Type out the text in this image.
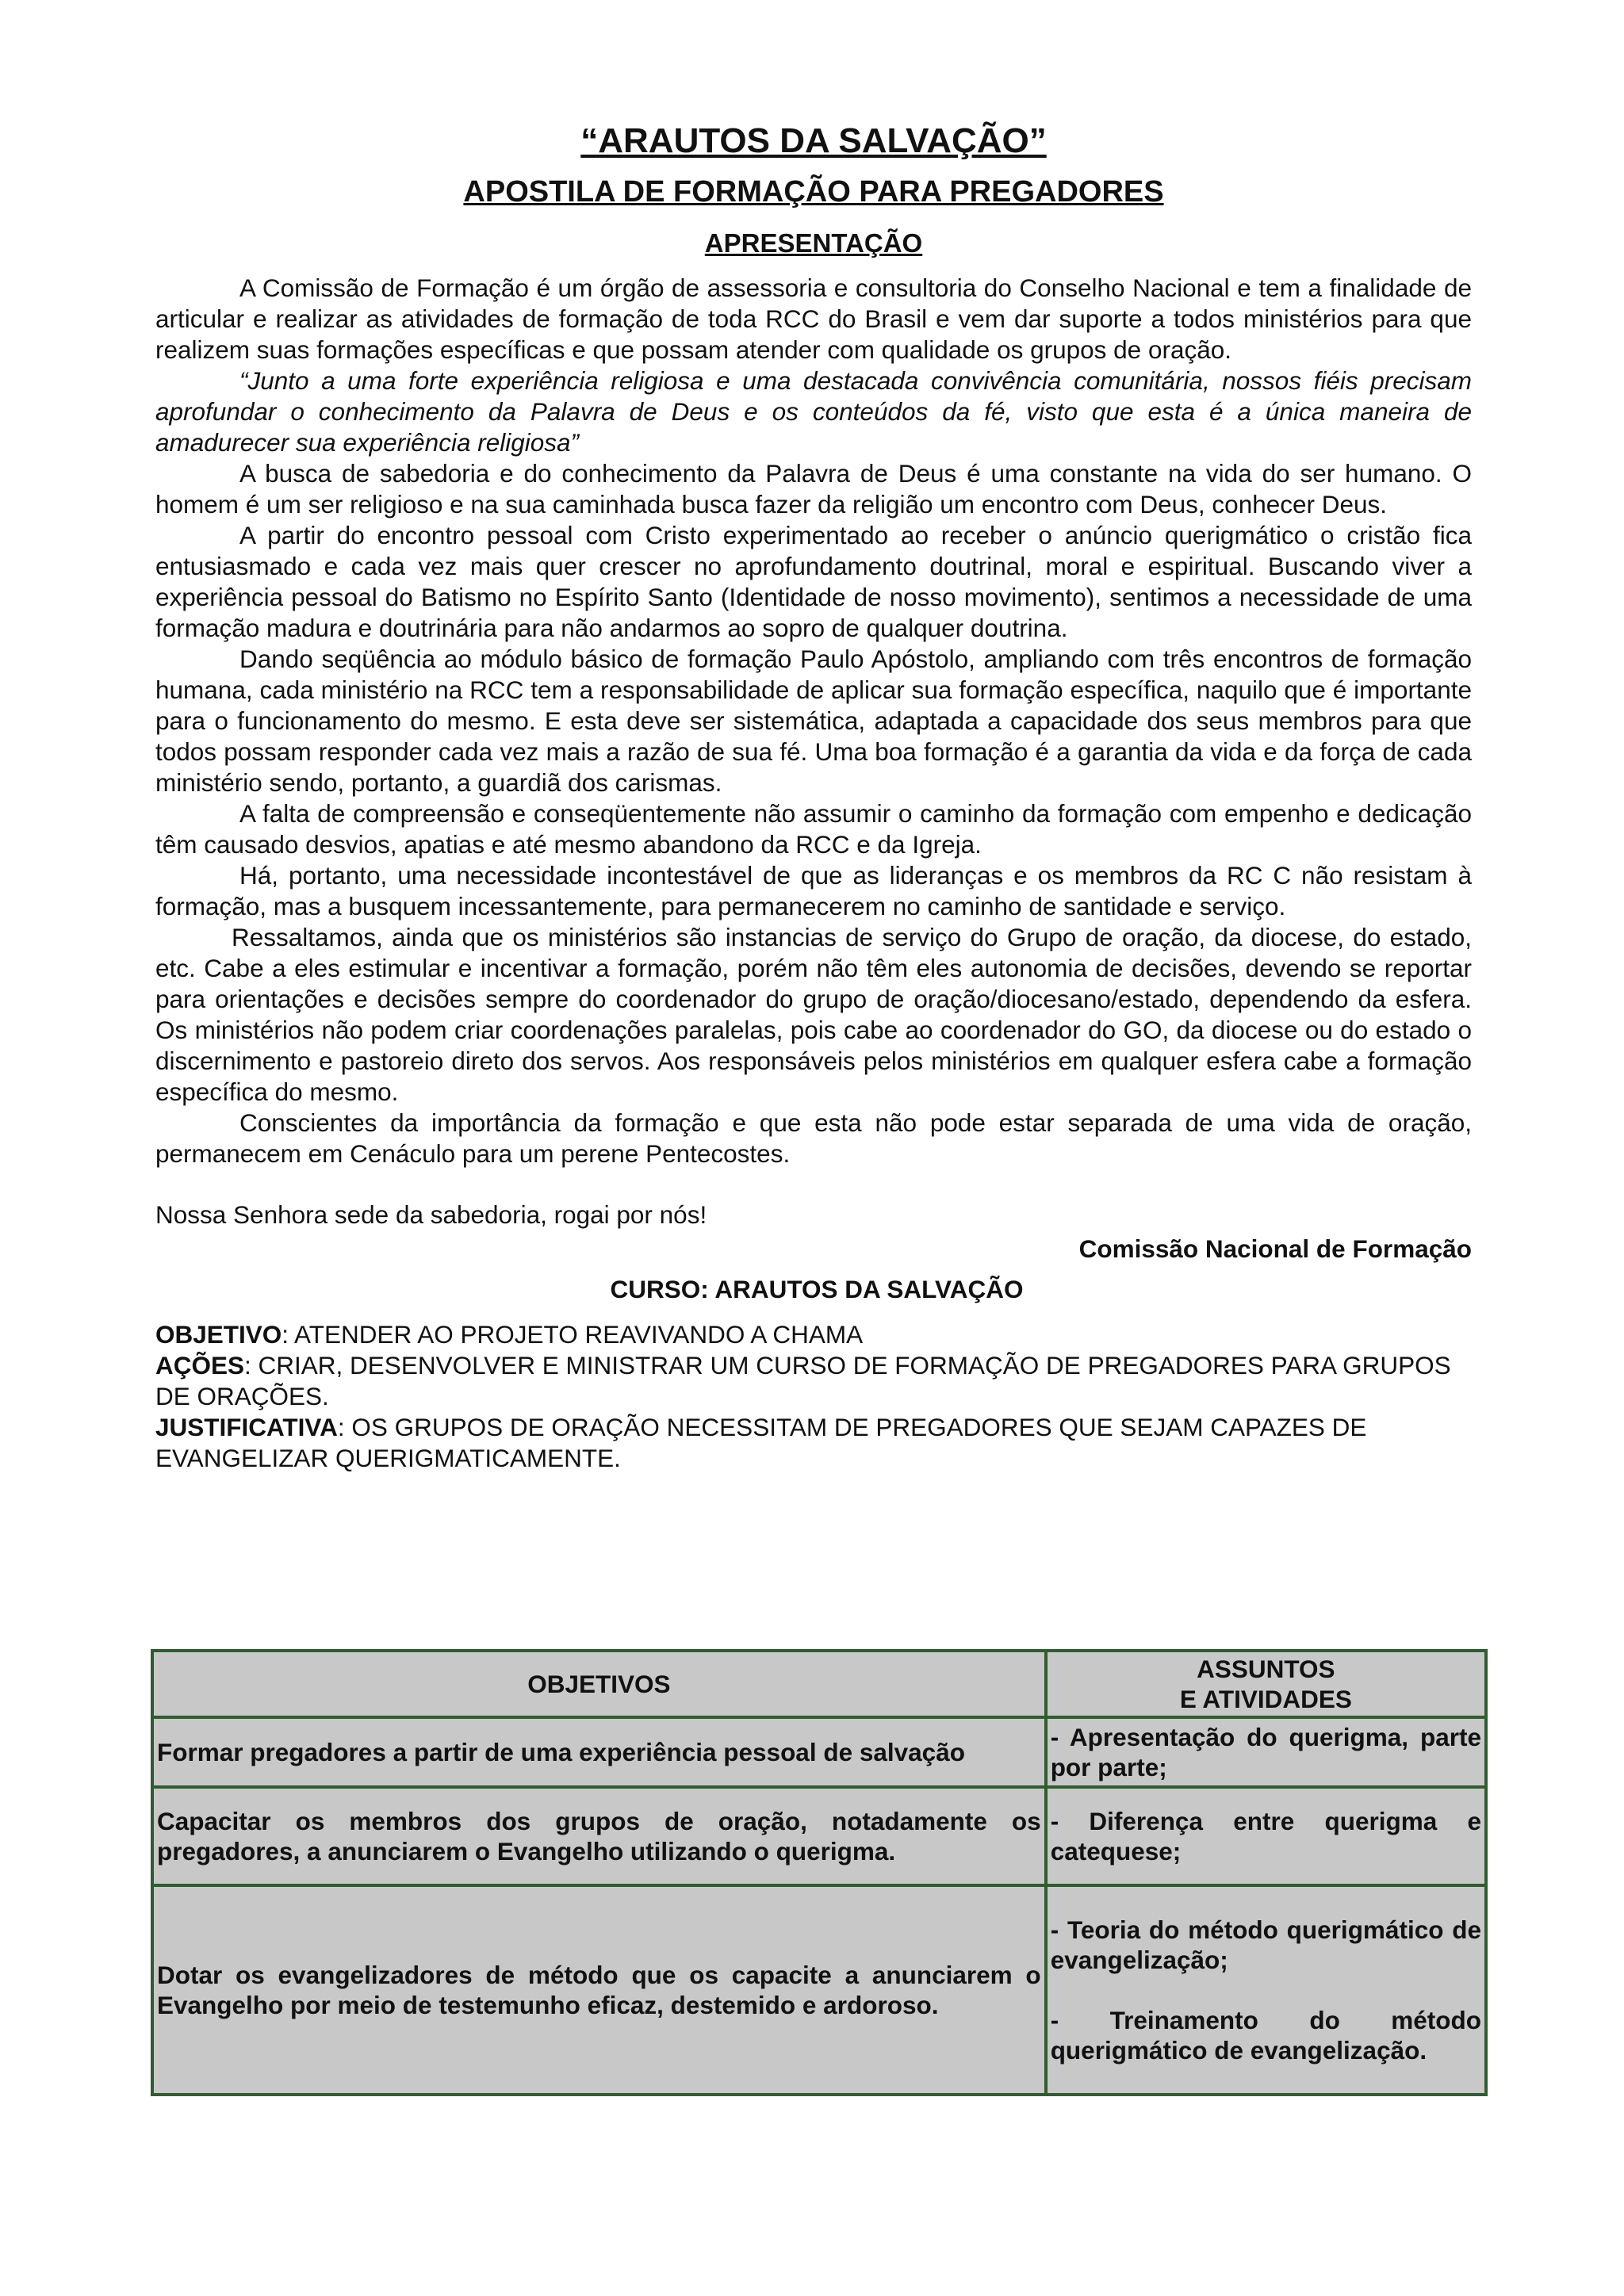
“ARAUTOS DA SALVAÇÃO”
APOSTILA DE FORMAÇÃO PARA PREGADORES
APRESENTAÇÃO

A Comissão de Formação é um órgão de assessoria e consultoria do Conselho Nacional e tem a finalidade de articular e realizar as atividades de formação de toda RCC do Brasil e vem dar suporte a todos ministérios para que realizem suas formações específicas e que possam atender com qualidade os grupos de oração.

“Junto a uma forte experiência religiosa e uma destacada convivência comunitária, nossos fiéis precisam aprofundar o conhecimento da Palavra de Deus e os conteúdos da fé, visto que esta é a única maneira de amadurecer sua experiência religiosa”

A busca de sabedoria e do conhecimento da Palavra de Deus é uma constante na vida do ser humano. O homem é um ser religioso e na sua caminhada busca fazer da religião um encontro com Deus, conhecer Deus.

A partir do encontro pessoal com Cristo experimentado ao receber o anúncio querigmático o cristão fica entusiasmado e cada vez mais quer crescer no aprofundamento doutrinal, moral e espiritual. Buscando viver a experiência pessoal do Batismo no Espírito Santo (Identidade de nosso movimento), sentimos a necessidade de uma formação madura e doutrinária para não andarmos ao sopro de qualquer doutrina.

Dando seqüência ao módulo básico de formação Paulo Apóstolo, ampliando com três encontros de formação humana, cada ministério na RCC tem a responsabilidade de aplicar sua formação específica, naquilo que é importante para o funcionamento do mesmo. E esta deve ser sistemática, adaptada a capacidade dos seus membros para que todos possam responder cada vez mais a razão de sua fé. Uma boa formação é a garantia da vida e da força de cada ministério sendo, portanto, a guardiã dos carismas.

A falta de compreensão e conseqüentemente não assumir o caminho da formação com empenho e dedicação têm causado desvios, apatias e até mesmo abandono da RCC e da Igreja.

Há, portanto, uma necessidade incontestável de que as lideranças e os membros da RC C não resistam à formação, mas a busquem incessantemente, para permanecerem no caminho de santidade e serviço.

Ressaltamos, ainda que os ministérios são instancias de serviço do Grupo de oração, da diocese, do estado, etc. Cabe a eles estimular e incentivar a formação, porém não têm eles autonomia de decisões, devendo se reportar para orientações e decisões sempre do coordenador do grupo de oração/diocesano/estado, dependendo da esfera. Os ministérios não podem criar coordenações paralelas, pois cabe ao coordenador do GO, da diocese ou do estado o discernimento e pastoreio direto dos servos. Aos responsáveis pelos ministérios em qualquer esfera cabe a formação específica do mesmo.

Conscientes da importância da formação e que esta não pode estar separada de uma vida de oração, permanecem em Cenáculo para um perene Pentecostes.

Nossa Senhora sede da sabedoria, rogai por nós!

Comissão Nacional de Formação

CURSO: ARAUTOS DA SALVAÇÃO

OBJETIVO: ATENDER AO PROJETO REAVIVANDO A CHAMA

AÇÕES: CRIAR, DESENVOLVER E MINISTRAR UM CURSO DE FORMAÇÃO DE PREGADORES PARA GRUPOS DE ORAÇÕES.

JUSTIFICATIVA: OS GRUPOS DE ORAÇÃO NECESSITAM DE PREGADORES QUE SEJAM CAPAZES DE EVANGELIZAR QUERIGMATICAMENTE.

OBJETIVOS	ASSUNTOS
E ATIVIDADES

Formar pregadores a partir de uma experiência pessoal de salvação	- Apresentação do querigma, parte por parte;

Capacitar os membros dos grupos de oração, notadamente os pregadores, a anunciarem o Evangelho utilizando o querigma.	- Diferença entre querigma e catequese;

Dotar os evangelizadores de método que os capacite a anunciarem o Evangelho por meio de testemunho eficaz, destemido e ardoroso.	- Teoria do método querigmático de evangelização;
- Treinamento do método querigmático de evangelização.
